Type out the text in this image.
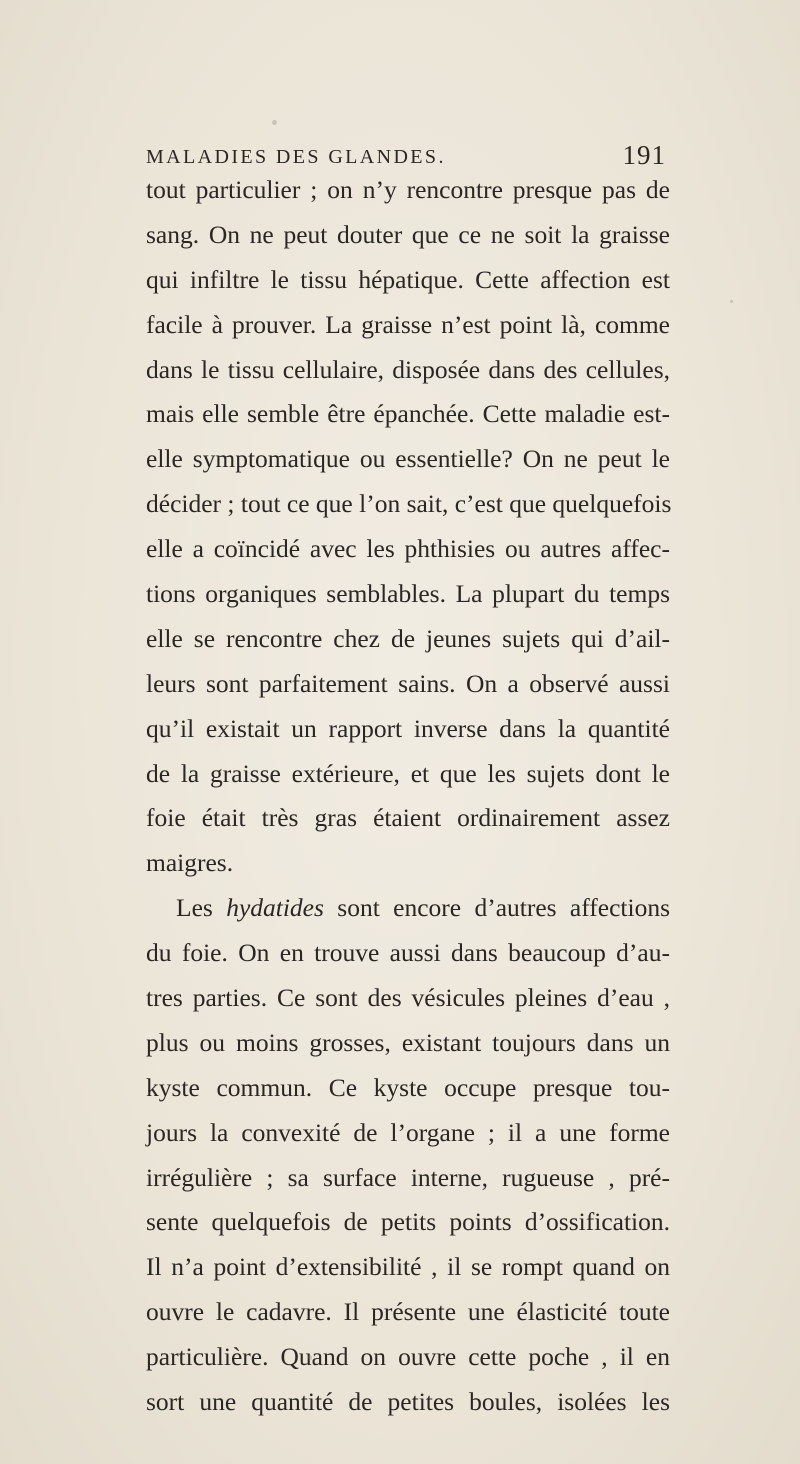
MALADIES DES GLANDES.	191
tout particulier ; on n’y rencontre presque pas de
sang. On ne peut douter que ce ne soit la graisse
qui infiltre le tissu hépatique. Cette affection est
facile à prouver. La graisse n’est point là, comme
dans le tissu cellulaire, disposée dans des cellules,
mais elle semble être épanchée. Cette maladie est-
elle symptomatique ou essentielle? On ne peut le
décider ; tout ce que l’on sait, c’est que quelquefois
elle a coïncidé avec les phthisies ou autres affec-
tions organiques semblables. La plupart du temps
elle se rencontre chez de jeunes sujets qui d’ail-
leurs sont parfaitement sains. On a observé aussi
qu’il existait un rapport inverse dans la quantité
de la graisse extérieure, et que les sujets dont le
foie était très gras étaient ordinairement assez
maigres.
Les hydatides sont encore d’autres affections
du foie. On en trouve aussi dans beaucoup d’au-
tres parties. Ce sont des vésicules pleines d’eau ,
plus ou moins grosses, existant toujours dans un
kyste commun. Ce kyste occupe presque tou-
jours la convexité de l’organe ; il a une forme
irrégulière ; sa surface interne, rugueuse , pré-
sente quelquefois de petits points d’ossification.
Il n’a point d’extensibilité , il se rompt quand on
ouvre le cadavre. Il présente une élasticité toute
particulière. Quand on ouvre cette poche , il en
sort une quantité de petites boules, isolées les
